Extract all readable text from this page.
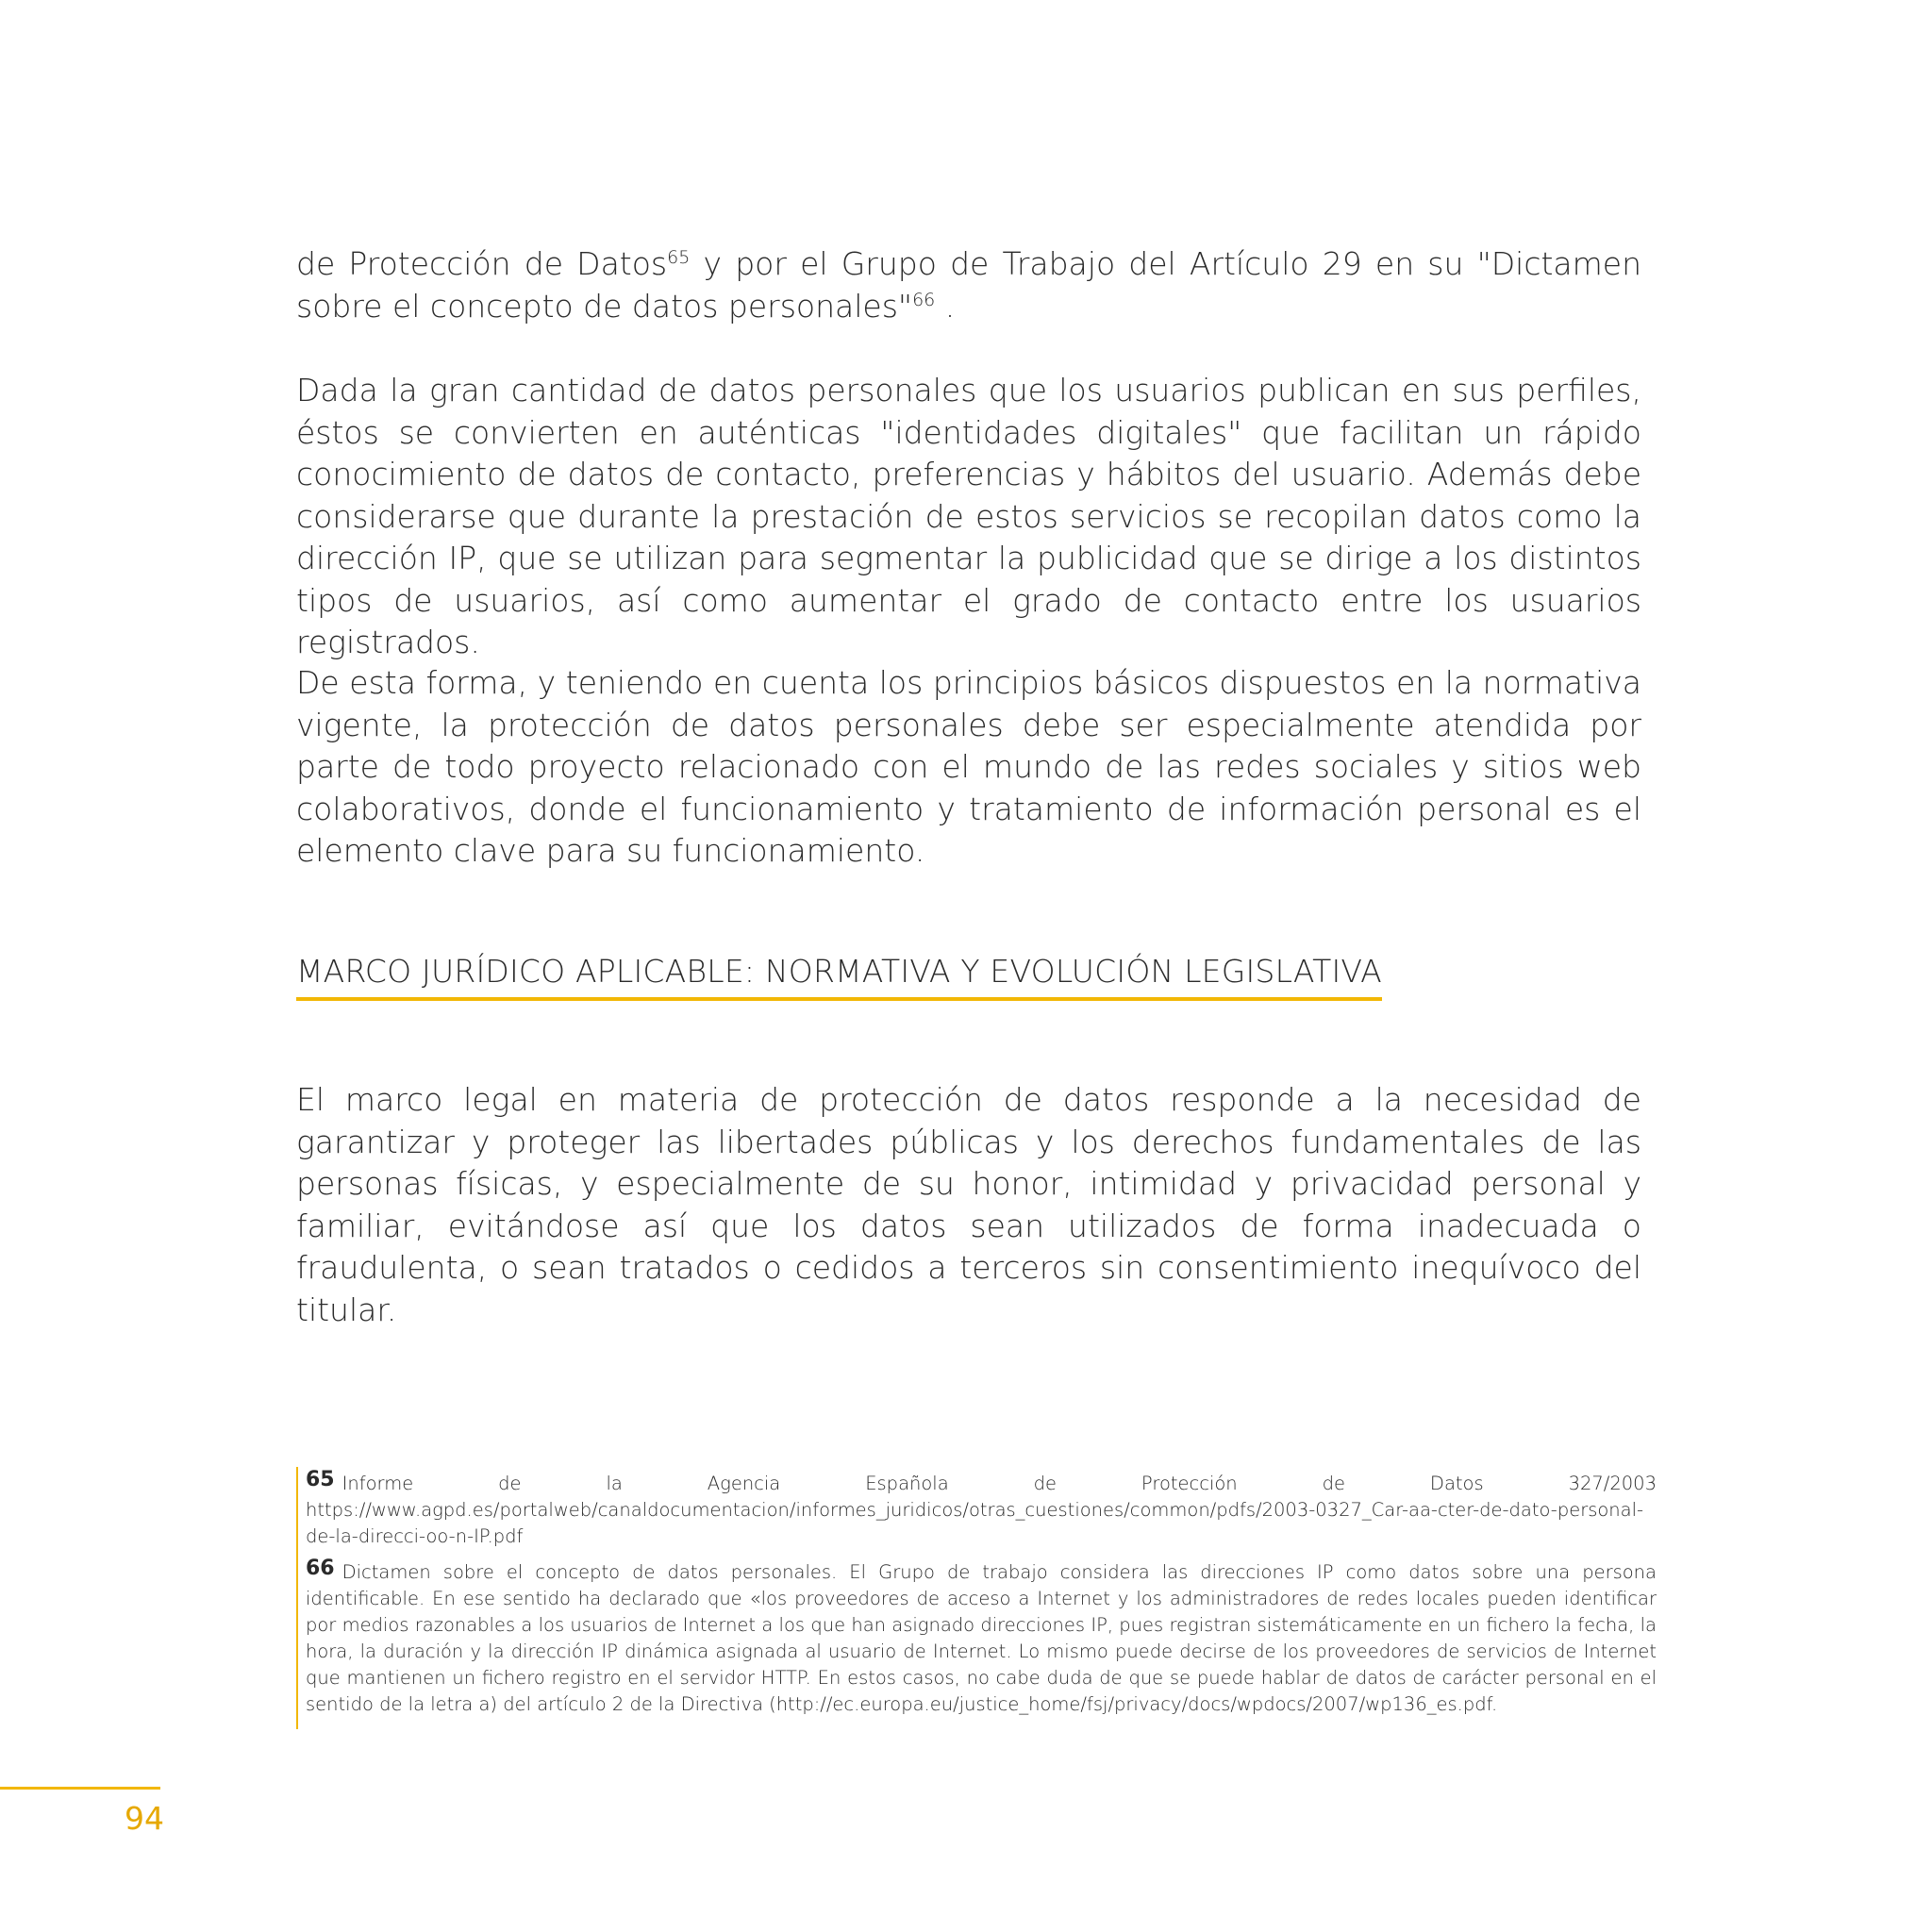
de Protección de Datos$^{65}$ y por el Grupo de Trabajo del Artículo 29 en su "Dictamen sobre el concepto de datos personales"$^{66}$ .

Dada la gran cantidad de datos personales que los usuarios publican en sus perfiles, éstos se convierten en auténticas "identidades digitales" que facilitan un rápido conocimiento de datos de contacto, preferencias y hábitos del usuario. Además debe considerarse que durante la prestación de estos servicios se recopilan datos como la dirección IP, que se utilizan para segmentar la publicidad que se dirige a los distintos tipos de usuarios, así como aumentar el grado de contacto entre los usuarios registrados.

De esta forma, y teniendo en cuenta los principios básicos dispuestos en la normativa vigente, la protección de datos personales debe ser especialmente atendida por parte de todo proyecto relacionado con el mundo de las redes sociales y sitios web colaborativos, donde el funcionamiento y tratamiento de información personal es el elemento clave para su funcionamiento.

MARCO JURÍDICO APLICABLE: NORMATIVA Y EVOLUCIÓN LEGISLATIVA

El marco legal en materia de protección de datos responde a la necesidad de garantizar y proteger las libertades públicas y los derechos fundamentales de las personas físicas, y especialmente de su honor, intimidad y privacidad personal y familiar, evitándose así que los datos sean utilizados de forma inadecuada o fraudulenta, o sean tratados o cedidos a terceros sin consentimiento inequívoco del titular.

65 Informe de la Agencia Española de Protección de Datos 327/2003 https://www.agpd.es/portalweb/canaldocumentacion/informes_juridicos/otras_cuestiones/common/pdfs/2003-0327_Car-aa-cter-de-dato-personal-de-la-direcci-oo-n-IP.pdf

66 Dictamen sobre el concepto de datos personales. El Grupo de trabajo considera las direcciones IP como datos sobre una persona identificable. En ese sentido ha declarado que «los proveedores de acceso a Internet y los administradores de redes locales pueden identificar por medios razonables a los usuarios de Internet a los que han asignado direcciones IP, pues registran sistemáticamente en un fichero la fecha, la hora, la duración y la dirección IP dinámica asignada al usuario de Internet. Lo mismo puede decirse de los proveedores de servicios de Internet que mantienen un fichero registro en el servidor HTTP. En estos casos, no cabe duda de que se puede hablar de datos de carácter personal en el sentido de la letra a) del artículo 2 de la Directiva (http://ec.europa.eu/justice_home/fsj/privacy/docs/wpdocs/2007/wp136_es.pdf.

94
